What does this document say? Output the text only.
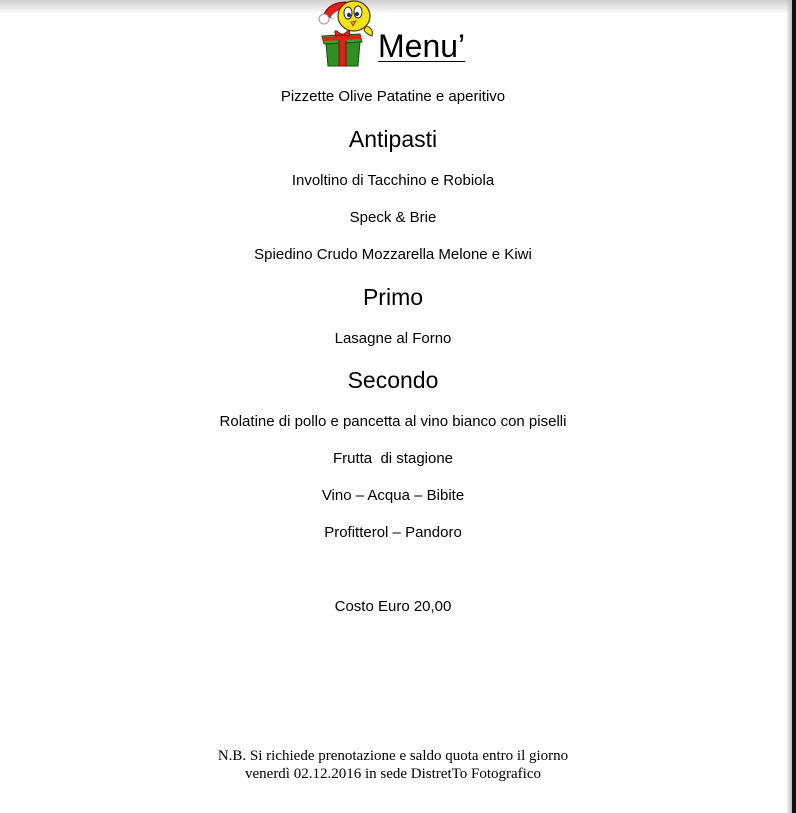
Menu’
Pizzette Olive Patatine e aperitivo
Antipasti
Involtino di Tacchino e Robiola
Speck & Brie
Spiedino Crudo Mozzarella Melone e Kiwi
Primo
Lasagne al Forno
Secondo
Rolatine di pollo e pancetta al vino bianco con piselli
Frutta  di stagione
Vino – Acqua – Bibite
Profitterol – Pandoro
Costo Euro 20,00
N.B. Si richiede prenotazione e saldo quota entro il giorno
venerdì 02.12.2016 in sede DistretTo Fotografico
